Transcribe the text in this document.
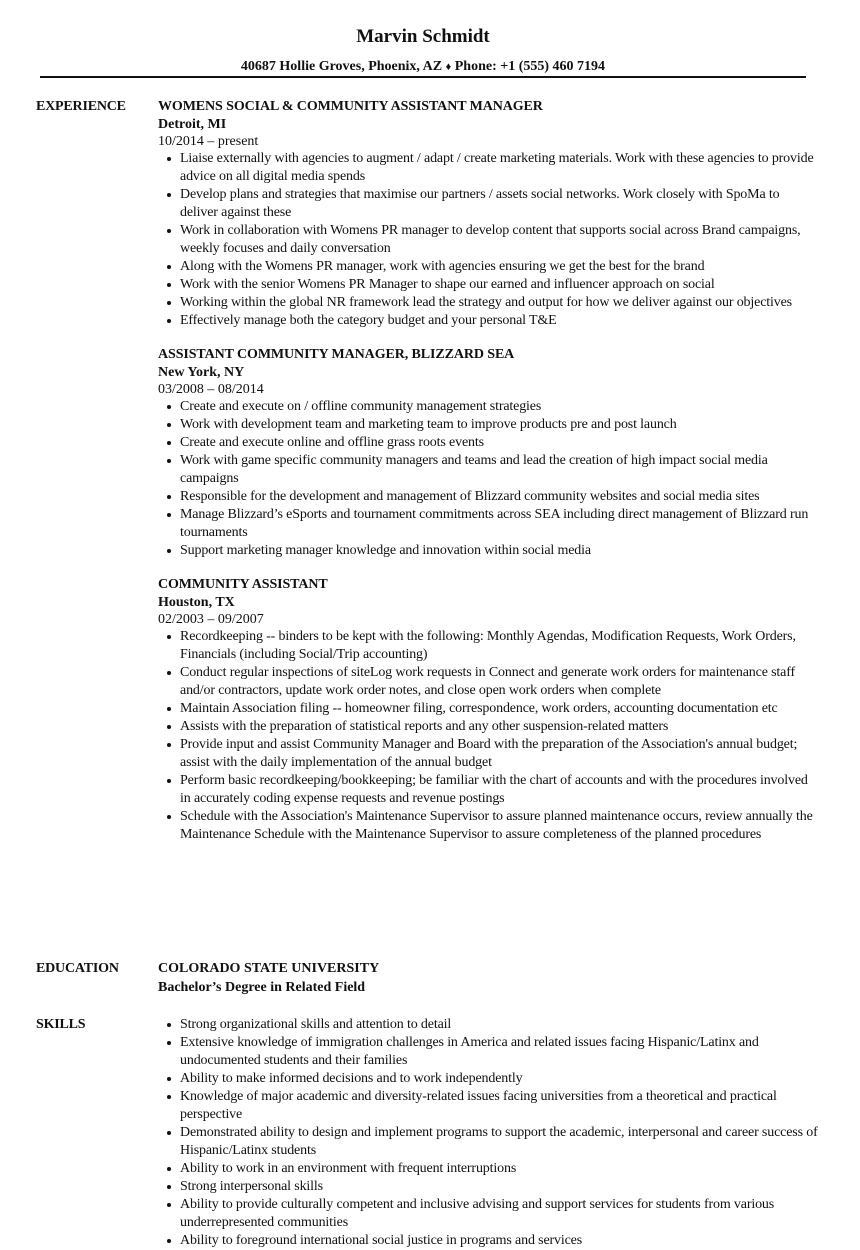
Marvin Schmidt
40687 Hollie Groves, Phoenix, AZ ♦ Phone: +1 (555) 460 7194
EXPERIENCE WOMENS SOCIAL & COMMUNITY ASSISTANT MANAGER
Detroit, MI
10/2014 – present
Liaise externally with agencies to augment / adapt / create marketing materials. Work with these agencies to provide advice on all digital media spends
Develop plans and strategies that maximise our partners / assets social networks. Work closely with SpoMa to deliver against these
Work in collaboration with Womens PR manager to develop content that supports social across Brand campaigns, weekly focuses and daily conversation
Along with the Womens PR manager, work with agencies ensuring we get the best for the brand
Work with the senior Womens PR Manager to shape our earned and influencer approach on social
Working within the global NR framework lead the strategy and output for how we deliver against our objectives
Effectively manage both the category budget and your personal T&E
ASSISTANT COMMUNITY MANAGER, BLIZZARD SEA
New York, NY
03/2008 – 08/2014
Create and execute on / offline community management strategies
Work with development team and marketing team to improve products pre and post launch
Create and execute online and offline grass roots events
Work with game specific community managers and teams and lead the creation of high impact social media campaigns
Responsible for the development and management of Blizzard community websites and social media sites
Manage Blizzard’s eSports and tournament commitments across SEA including direct management of Blizzard run tournaments
Support marketing manager knowledge and innovation within social media
COMMUNITY ASSISTANT
Houston, TX
02/2003 – 09/2007
Recordkeeping -- binders to be kept with the following: Monthly Agendas, Modification Requests, Work Orders, Financials (including Social/Trip accounting)
Conduct regular inspections of siteLog work requests in Connect and generate work orders for maintenance staff and/or contractors, update work order notes, and close open work orders when complete
Maintain Association filing -- homeowner filing, correspondence, work orders, accounting documentation etc
Assists with the preparation of statistical reports and any other suspension-related matters
Provide input and assist Community Manager and Board with the preparation of the Association's annual budget; assist with the daily implementation of the annual budget
Perform basic recordkeeping/bookkeeping; be familiar with the chart of accounts and with the procedures involved in accurately coding expense requests and revenue postings
Schedule with the Association's Maintenance Supervisor to assure planned maintenance occurs, review annually the Maintenance Schedule with the Maintenance Supervisor to assure completeness of the planned procedures
EDUCATION	COLORADO STATE UNIVERSITY
Bachelor’s Degree in Related Field
SKILLS	Strong organizational skills and attention to detail
Extensive knowledge of immigration challenges in America and related issues facing Hispanic/Latinx and undocumented students and their families
Ability to make informed decisions and to work independently
Knowledge of major academic and diversity-related issues facing universities from a theoretical and practical perspective
Demonstrated ability to design and implement programs to support the academic, interpersonal and career success of Hispanic/Latinx students
Ability to work in an environment with frequent interruptions
Strong interpersonal skills
Ability to provide culturally competent and inclusive advising and support services for students from various underrepresented communities
Ability to foreground international social justice in programs and services
